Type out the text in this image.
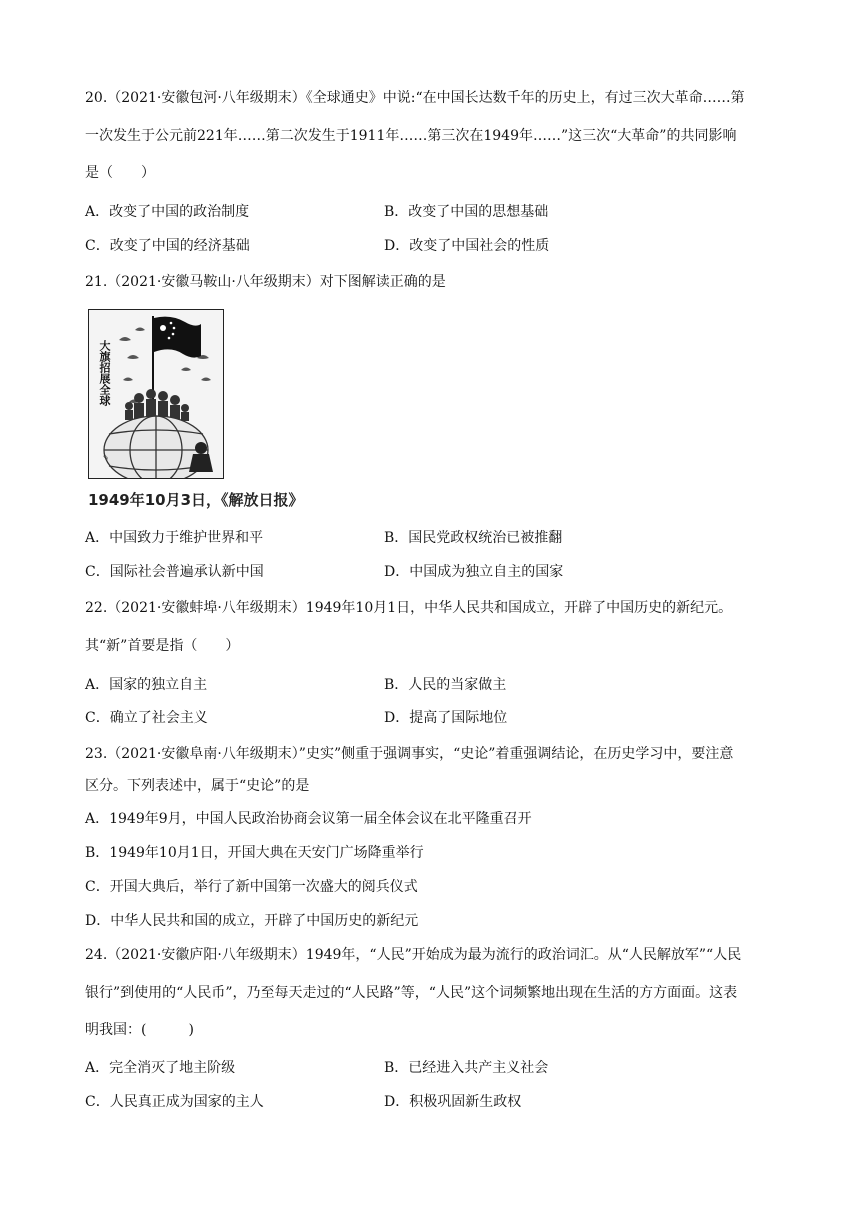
20.（2021·安徽包河·八年级期末）《全球通史》中说:“在中国长达数千年的历史上，有过三次大革命……第
一次发生于公元前221年……第二次发生于1911年……第三次在1949年……”这三次“大革命”的共同影响
是（　　）
A．改变了中国的政治制度	B．改变了中国的思想基础
C．改变了中国的经济基础	D．改变了中国社会的性质
21.（2021·安徽马鞍山·八年级期末）对下图解读正确的是
大旗招展全球
✎
1949年10月3日，《解放日报》
A．中国致力于维护世界和平	B．国民党政权统治已被推翻
C．国际社会普遍承认新中国	D．中国成为独立自主的国家
22.（2021·安徽蚌埠·八年级期末）1949年10月1日，中华人民共和国成立，开辟了中国历史的新纪元。
其“新”首要是指（　　）
A．国家的独立自主	B．人民的当家做主
C．确立了社会主义	D．提高了国际地位
23.（2021·安徽阜南·八年级期末）”史实”侧重于强调事实，“史论”着重强调结论，在历史学习中，要注意
区分。下列表述中，属于“史论”的是
A．1949年9月，中国人民政治协商会议第一届全体会议在北平隆重召开
B．1949年10月1日，开国大典在天安门广场降重举行
C．开国大典后，举行了新中国第一次盛大的阅兵仪式
D．中华人民共和国的成立，开辟了中国历史的新纪元
24.（2021·安徽庐阳·八年级期末）1949年，“人民”开始成为最为流行的政治词汇。从“人民解放军”“人民
银行”到使用的“人民币”，乃至每天走过的“人民路”等，“人民”这个词频繁地出现在生活的方方面面。这表
明我国：(　　　)
A．完全消灭了地主阶级	B．已经进入共产主义社会
C．人民真正成为国家的主人	D．积极巩固新生政权
